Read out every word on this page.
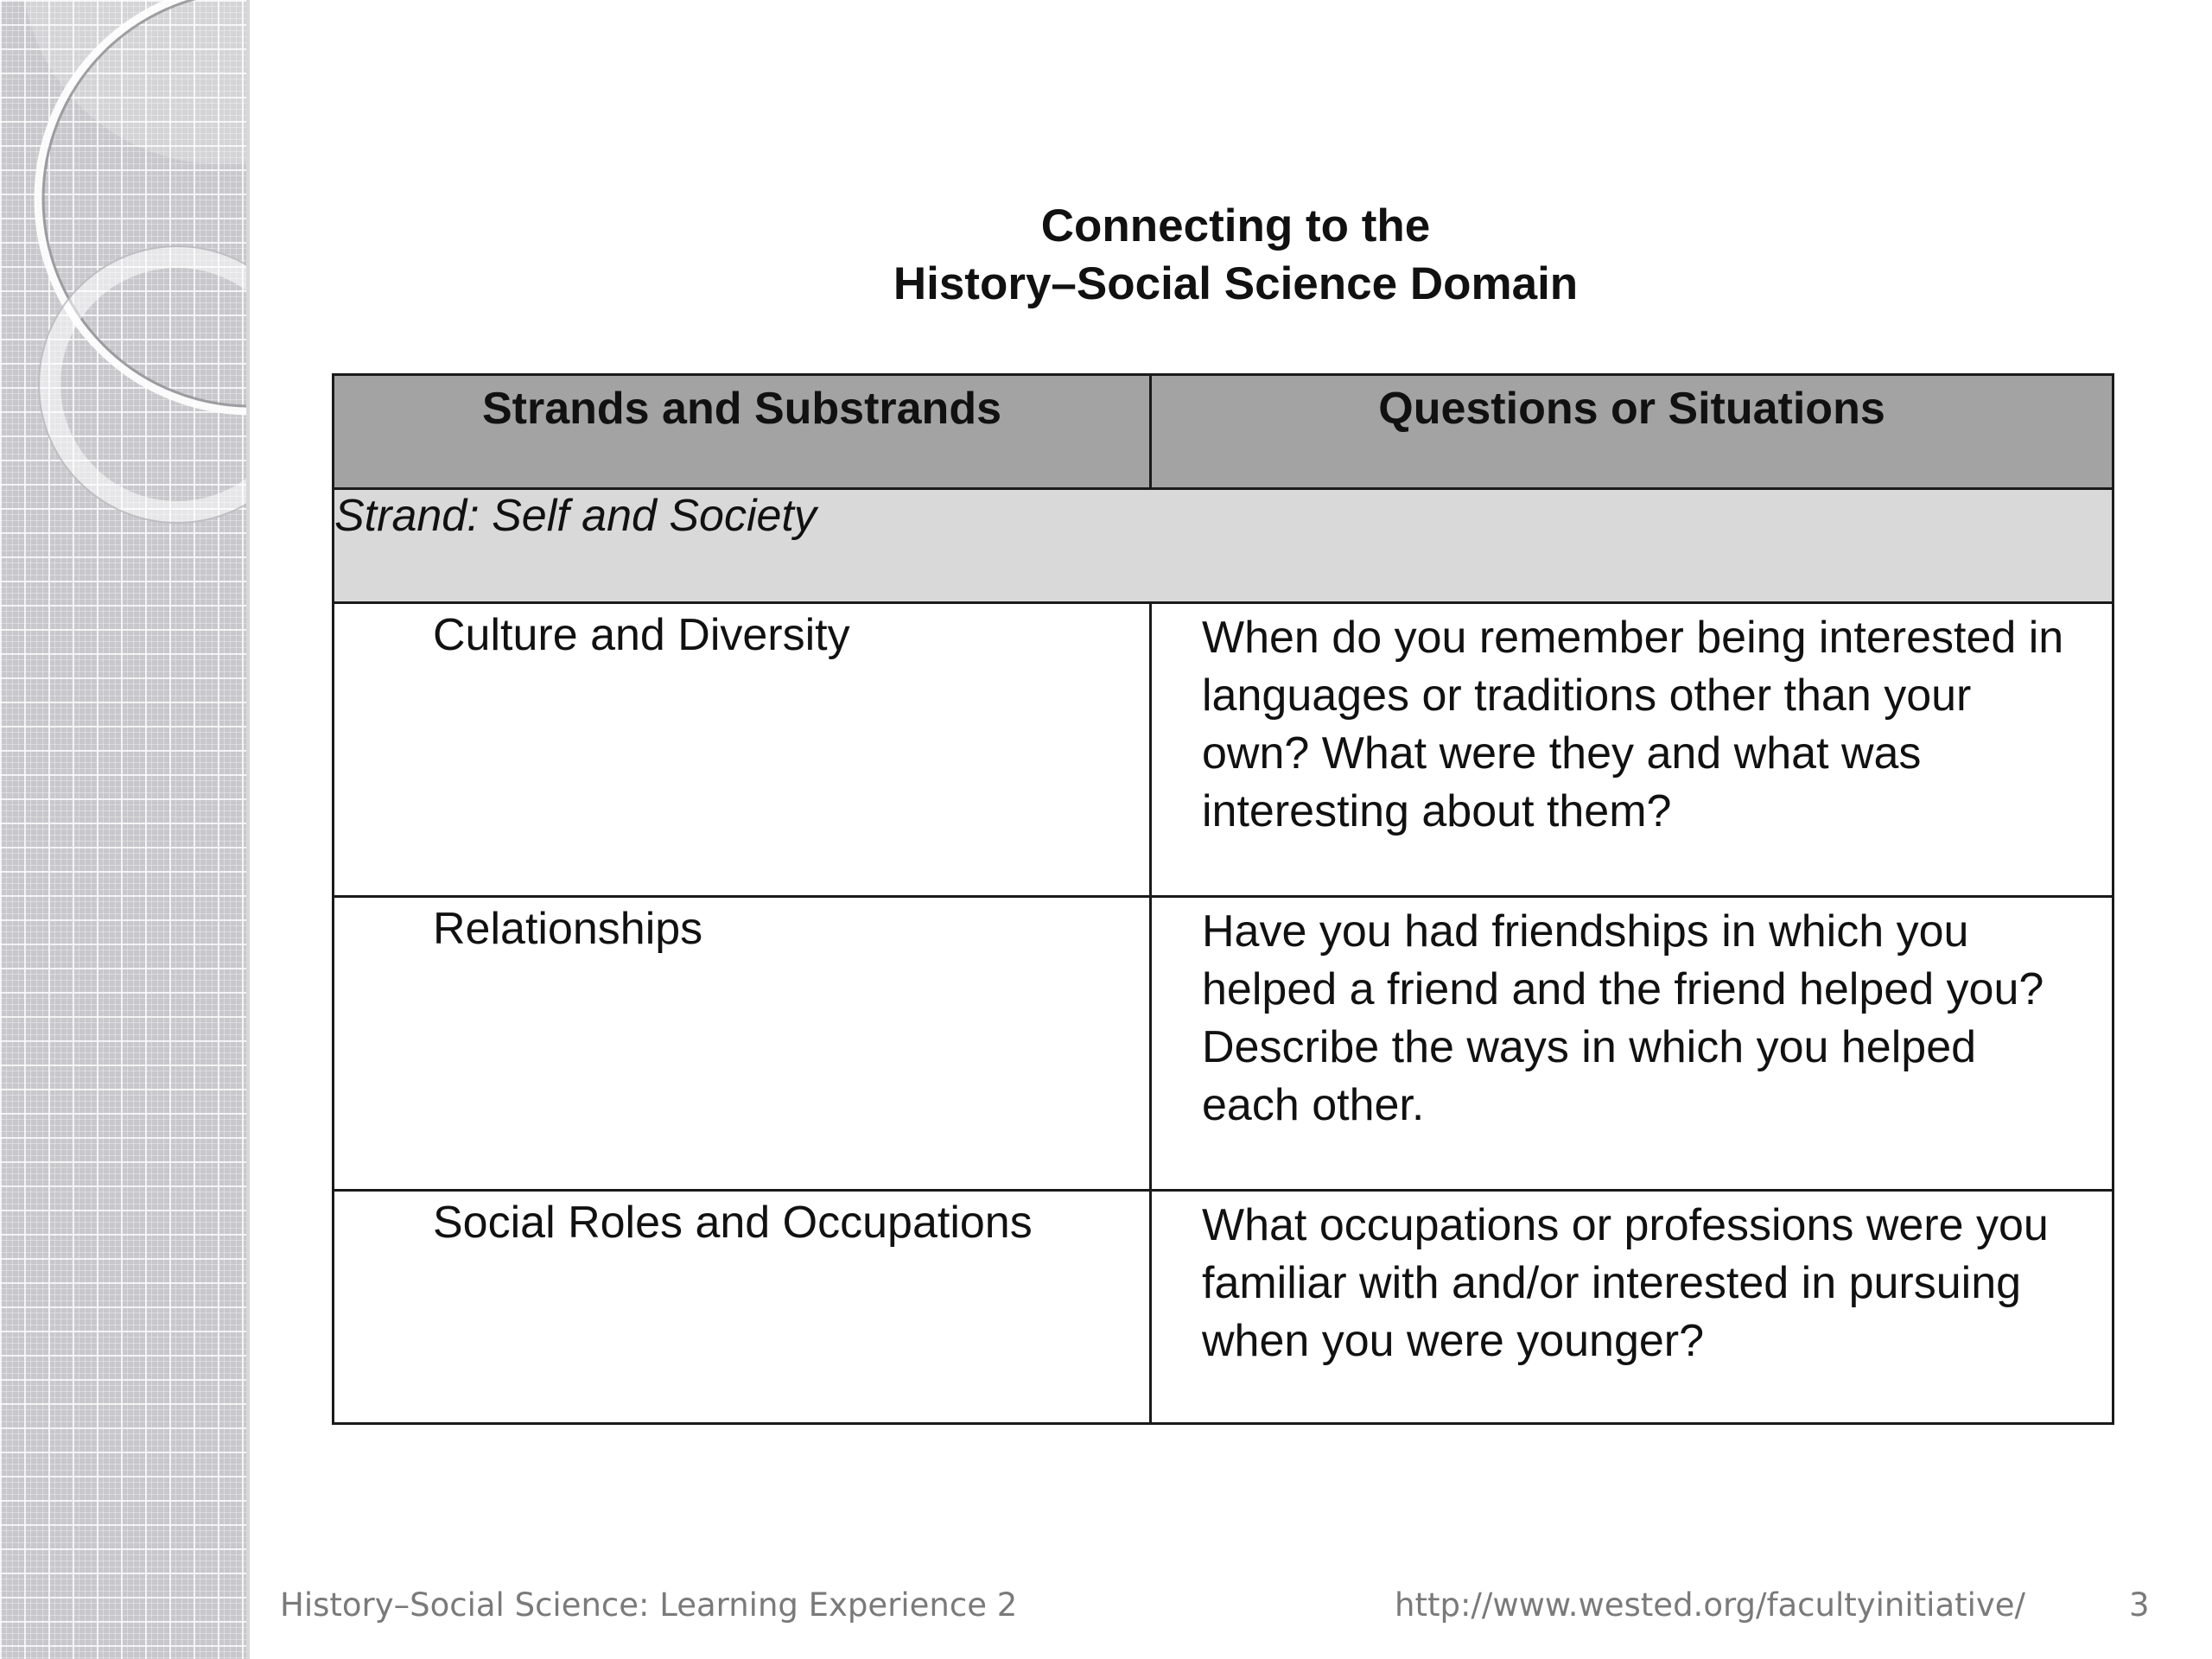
Connecting to the
History–Social Science Domain
Strands and Substrands	Questions or Situations
Strand: Self and Society	
Culture and Diversity	When do you remember being interested in languages or traditions other than your own? What were they and what was interesting about them?
Relationships	Have you had friendships in which you helped a friend and the friend helped you? Describe the ways in which you helped each other.
Social Roles and Occupations	What occupations or professions were you familiar with and/or interested in pursuing when you were younger?
History–Social Science: Learning Experience 2	http://www.wested.org/facultyinitiative/	3
